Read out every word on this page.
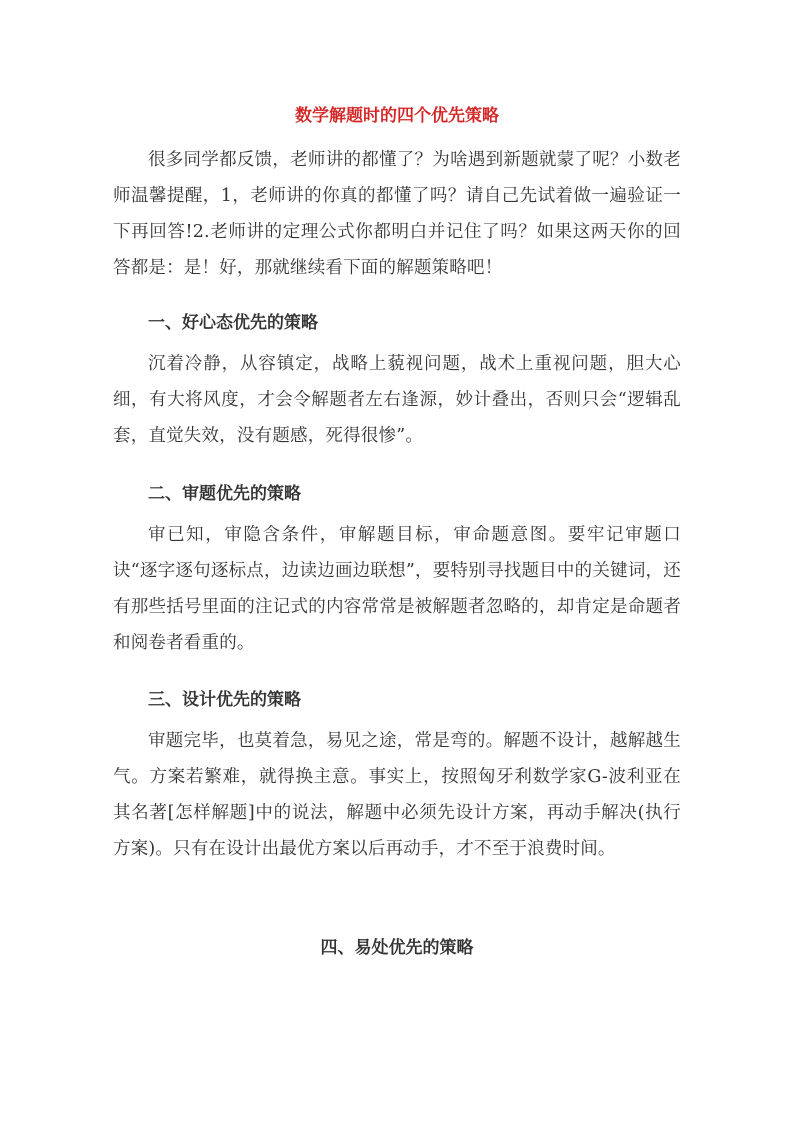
数学解题时的四个优先策略

很多同学都反馈，老师讲的都懂了？为啥遇到新题就蒙了呢？小数老师温馨提醒，1，老师讲的你真的都懂了吗？请自己先试着做一遍验证一下再回答!2.老师讲的定理公式你都明白并记住了吗？如果这两天你的回答都是：是！好，那就继续看下面的解题策略吧！

一、好心态优先的策略

沉着冷静，从容镇定，战略上藐视问题，战术上重视问题，胆大心细，有大将风度，才会令解题者左右逢源，妙计叠出，否则只会“逻辑乱套，直觉失效，没有题感，死得很惨”。

二、审题优先的策略

审已知，审隐含条件，审解题目标，审命题意图。要牢记审题口诀“逐字逐句逐标点，边读边画边联想”，要特别寻找题目中的关键词，还有那些括号里面的注记式的内容常常是被解题者忽略的，却肯定是命题者和阅卷者看重的。

三、设计优先的策略

审题完毕，也莫着急，易见之途，常是弯的。解题不设计，越解越生气。方案若繁难，就得换主意。事实上，按照匈牙利数学家G-波利亚在其名著[怎样解题]中的说法，解题中必须先设计方案，再动手解决(执行方案)。只有在设计出最优方案以后再动手，才不至于浪费时间。

四、易处优先的策略
